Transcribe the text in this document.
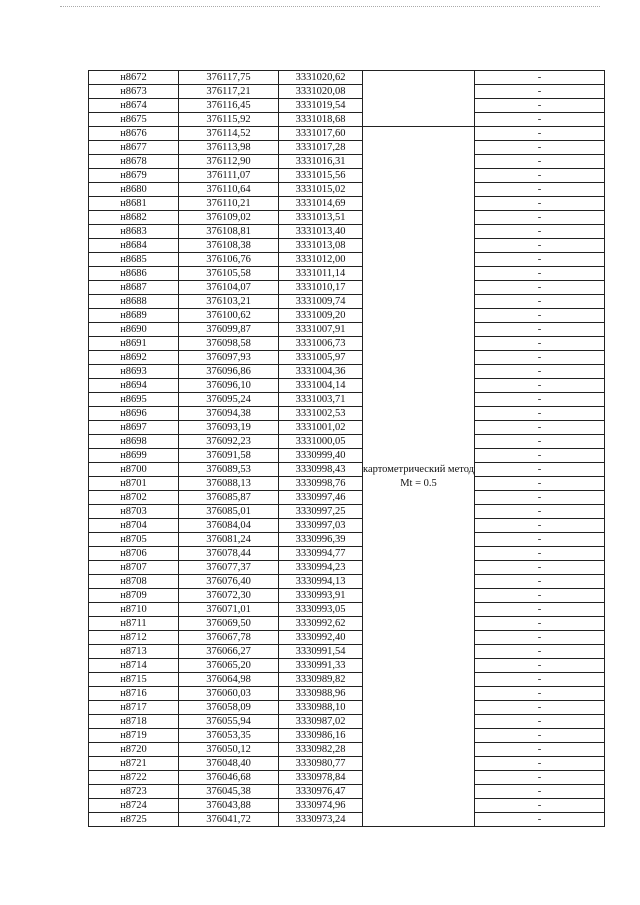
н8672	376117,75	3331020,62		-
н8673	376117,21	3331020,08		-
н8674	376116,45	3331019,54		-
н8675	376115,92	3331018,68		-
н8676	376114,52	3331017,60	картометрический метод Mt = 0.5	-
н8677	376113,98	3331017,28		-
н8678	376112,90	3331016,31		-
н8679	376111,07	3331015,56		-
н8680	376110,64	3331015,02		-
н8681	376110,21	3331014,69		-
н8682	376109,02	3331013,51		-
н8683	376108,81	3331013,40		-
н8684	376108,38	3331013,08		-
н8685	376106,76	3331012,00		-
н8686	376105,58	3331011,14		-
н8687	376104,07	3331010,17		-
н8688	376103,21	3331009,74		-
н8689	376100,62	3331009,20		-
н8690	376099,87	3331007,91		-
н8691	376098,58	3331006,73		-
н8692	376097,93	3331005,97		-
н8693	376096,86	3331004,36		-
н8694	376096,10	3331004,14		-
н8695	376095,24	3331003,71		-
н8696	376094,38	3331002,53		-
н8697	376093,19	3331001,02		-
н8698	376092,23	3331000,05		-
н8699	376091,58	3330999,40		-
н8700	376089,53	3330998,43		-
н8701	376088,13	3330998,76		-
н8702	376085,87	3330997,46		-
н8703	376085,01	3330997,25		-
н8704	376084,04	3330997,03		-
н8705	376081,24	3330996,39		-
н8706	376078,44	3330994,77		-
н8707	376077,37	3330994,23		-
н8708	376076,40	3330994,13		-
н8709	376072,30	3330993,91		-
н8710	376071,01	3330993,05		-
н8711	376069,50	3330992,62		-
н8712	376067,78	3330992,40		-
н8713	376066,27	3330991,54		-
н8714	376065,20	3330991,33		-
н8715	376064,98	3330989,82		-
н8716	376060,03	3330988,96		-
н8717	376058,09	3330988,10		-
н8718	376055,94	3330987,02		-
н8719	376053,35	3330986,16		-
н8720	376050,12	3330982,28		-
н8721	376048,40	3330980,77		-
н8722	376046,68	3330978,84		-
н8723	376045,38	3330976,47		-
н8724	376043,88	3330974,96		-
н8725	376041,72	3330973,24		-
